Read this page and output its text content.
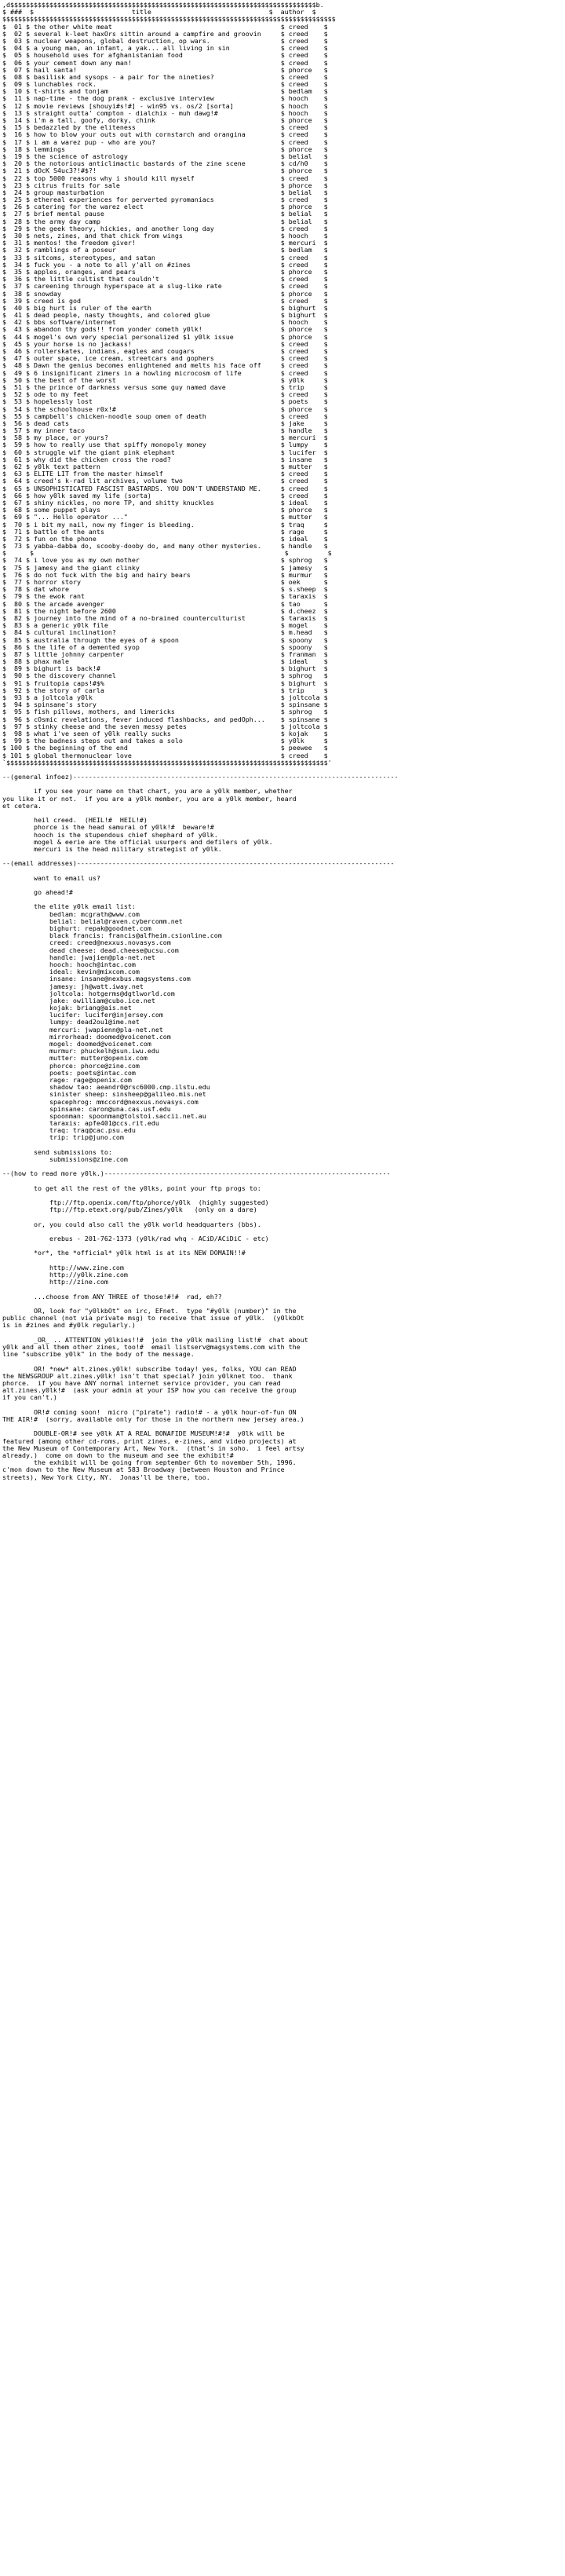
,d$$$$$$$$$$$$$$$$$$$$$$$$$$$$$$$$$$$$$$$$$$$$$$$$$$$$$$$$$$$$$$$$$$$$$$$$$$$$$$b.
$ ###  $                         title                              $  author  $
$$$$$$$$$$$$$$$$$$$$$$$$$$$$$$$$$$$$$$$$$$$$$$$$$$$$$$$$$$$$$$$$$$$$$$$$$$$$$$$$$$$$$
$  01 $ the other white meat                                           $ creed    $
$  02 $ several k-leet haxOrs sittin around a campfire and groovin     $ creed    $
$  03 $ nuclear weapons, global destruction, op wars.                  $ creed    $
$  04 $ a young man, an infant, a yak... all living in sin             $ creed    $
$  05 $ household uses for afghanistanian food                         $ creed    $
$  06 $ your cement down any man!                                      $ creed    $
$  07 $ hail santa!                                                    $ phorce   $
$  08 $ basilisk and sysops - a pair for the nineties?                 $ creed    $
$  09 $ lunchables rock.                                               $ creed    $
$  10 $ t-shirts and tonjam                                            $ bedlam   $
$  11 $ nap-time - the dog prank - exclusive interview                 $ hooch    $
$  12 $ movie reviews [shouyi#s!#] - win95 vs. os/2 [sorta]            $ hooch    $
$  13 $ straight outta' compton - dialchix - muh dawg!#                $ hooch    $
$  14 $ i'm a tall, goofy, dorky, chink                                $ phorce   $
$  15 $ bedazzled by the eliteness                                     $ creed    $
$  16 $ how to blow your outs out with cornstarch and orangina         $ creed    $
$  17 $ i am a warez pup - who are you?                                $ creed    $
$  18 $ lemmings                                                       $ phorce   $
$  19 $ the science of astrology                                       $ belial   $
$  20 $ the notorious anticlimactic bastards of the zine scene         $ cd/h0    $
$  21 $ dOcK S4uc3?!#$?!                                               $ phorce   $
$  22 $ top 5000 reasons why i should kill myself                      $ creed    $
$  23 $ citrus fruits for sale                                         $ phorce   $
$  24 $ group masturbation                                             $ belial   $
$  25 $ ethereal experiences for perverted pyromaniacs                 $ creed    $
$  26 $ catering for the warez elect                                   $ phorce   $
$  27 $ brief mental pause                                             $ belial   $
$  28 $ the army day camp                                              $ belial   $
$  29 $ the geek theory, hickies, and another long day                 $ creed    $
$  30 $ nets, zines, and that chick from wings                         $ hooch    $
$  31 $ mentos! the freedom giver!                                     $ mercuri  $
$  32 $ ramblings of a poseur                                          $ bedlam   $
$  33 $ sitcoms, stereotypes, and satan                                $ creed    $
$  34 $ fuck you - a note to all y'all on #zines                       $ creed    $
$  35 $ apples, oranges, and pears                                     $ phorce   $
$  36 $ the little cultist that couldn't                               $ creed    $
$  37 $ careening through hyperspace at a slug-like rate               $ creed    $
$  38 $ snowday                                                        $ phorce   $
$  39 $ creed is god                                                   $ creed    $
$  40 $ big hurt is ruler of the earth                                 $ bighurt  $
$  41 $ dead people, nasty thoughts, and colored glue                  $ bighurt  $
$  42 $ bbs software/internet                                          $ hooch    $
$  43 $ abandon thy gods!! from yonder cometh y0lk!                    $ phorce   $
$  44 $ mogel's own very special personalized $1 y0lk issue            $ phorce   $
$  45 $ your horse is no jackass!                                      $ creed    $
$  46 $ rollerskates, indians, eagles and cougars                      $ creed    $
$  47 $ outer space, ice cream, streetcars and gophers                 $ creed    $
$  48 $ Dawn the genius becomes enlightened and melts his face off     $ creed    $
$  49 $ 6 insignificant zimers in a howling microcosm of life          $ creed    $
$  50 $ the best of the worst                                          $ y0lk     $
$  51 $ the prince of darkness versus some guy named dave              $ trip     $
$  52 $ ode to my feet                                                 $ creed    $
$  53 $ hopelessly lost                                                $ poets    $
$  54 $ the schoolhouse r0x!#                                          $ phorce   $
$  55 $ campbell's chicken-noodle soup omen of death                   $ creed    $
$  56 $ dead cats                                                      $ jake     $
$  57 $ my inner taco                                                  $ handle   $
$  58 $ my place, or yours?                                            $ mercuri  $
$  59 $ how to really use that spiffy monopoly money                   $ lumpy    $
$  60 $ struggle wif the giant pink elephant                           $ lucifer  $
$  61 $ why did the chicken cross the road?                            $ insane   $
$  62 $ y0lk text pattern                                              $ mutter   $
$  63 $ ELITE LIT from the master himself                              $ creed    $
$  64 $ creed's k-rad lit archives, volume two                         $ creed    $
$  65 $ UNSOPHISTICATED FASCIST BASTARDS. YOU DON'T UNDERSTAND ME.     $ creed    $
$  66 $ how y0lk saved my life (sorta)                                 $ creed    $
$  67 $ shiny nickles, no more TP, and shitty knuckles                 $ ideal    $
$  68 $ some puppet plays                                              $ phorce   $
$  69 $ "... Hello operator ..."                                       $ mutter   $
$  70 $ i bit my nail, now my finger is bleeding.                      $ traq     $
$  71 $ battle of the ants                                             $ rage     $
$  72 $ fun on the phone                                               $ ideal    $
$  73 $ yabba-dabba do, scooby-dooby do, and many other mysteries.     $ handle   $
$      $                                                                $          $
$  74 $ i love you as my own mother                                    $ sphrog   $
$  75 $ jamesy and the giant clinky                                    $ jamesy   $
$  76 $ do not fuck with the big and hairy bears                       $ murmur   $
$  77 $ horror story                                                   $ oek      $
$  78 $ dat whore                                                      $ s.sheep  $
$  79 $ the ewok rant                                                  $ taraxis  $
$  80 $ the arcade avenger                                             $ tao      $
$  81 $ the night before 2600                                          $ d.cheez  $
$  82 $ journey into the mind of a no-brained counterculturist         $ taraxis  $
$  83 $ a generic y0lk file                                            $ mogel    $
$  84 $ cultural inclination?                                          $ m.head   $
$  85 $ australia through the eyes of a spoon                          $ spoony   $
$  86 $ the life of a demented syop                                    $ spoony   $
$  87 $ little johnny carpenter                                        $ franman  $
$  88 $ phax male                                                      $ ideal    $
$  89 $ bighurt is back!#                                              $ bighurt  $
$  90 $ the discovery channel                                          $ sphrog   $
$  91 $ fruitopia caps!#$%                                             $ bighurt  $
$  92 $ the story of carla                                             $ trip     $
$  93 $ a joltcola y0lk                                                $ joltcola $
$  94 $ spinsane's story                                               $ spinsane $
$  95 $ fish pillows, mothers, and limericks                           $ sphrog   $
$  96 $ cOsmic revelations, fever induced flashbacks, and pedOph...    $ spinsane $
$  97 $ stinky cheese and the seven messy petes                        $ joltcola $
$  98 $ what i've seen of y0lk really sucks                            $ kojak    $
$  99 $ the badness steps out and takes a solo                         $ y0lk     $
$ 100 $ the beginning of the end                                       $ peewee   $
$ 101 $ global thermonuclear love                                      $ creed    $
`$$$$$$$$$$$$$$$$$$$$$$$$$$$$$$$$$$$$$$$$$$$$$$$$$$$$$$$$$$$$$$$$$$$$$$$$$$$$$$$$$$'
--(general infoez)-----------------------------------------------------------------------------------
if you see your name on that chart, you are a y0lk member, whether
you like it or not.  if you are a y0lk member, you are a y0lk member, heard
et cetera.
heil creed.  (HEIL!#  HEIL!#)
phorce is the head samurai of y0lk!#  beware!#
hooch is the stupendous chief shephard of y0lk.
mogel & eerie are the official usurpers and defilers of y0lk.
mercuri is the head military strategist of y0lk.
--(email addresses)---------------------------------------------------------------------------------
want to email us?
go ahead!#
the elite y0lk email list:
bedlam: mcgrath@www.com
belial: belial@raven.cybercomm.net
bighurt: repak@goodnet.com
black francis: francis@alfheim.csionline.com
creed: creed@nexxus.novasys.com
dead cheese: dead.cheese@ucsu.com
handle: jwajien@pla-net.net
hooch: hooch@intac.com
ideal: kevin@mixcom.com
insane: insane@nexbus.magsystems.com
jamesy: jh@watt.iway.net
joltcola: hotgerms@dgtlworld.com
jake: owilliam@cubo.ice.net
kojak: briang@ais.net
lucifer: lucifer@injersey.com
lumpy: dead2ou1@ime.net
mercuri: jwapienn@pla-net.net
mirrorhead: doomed@voicenet.com
mogel: doomed@voicenet.com
murmur: phuckelh@sun.iwu.edu
mutter: mutter@openix.com
phorce: phorce@zine.com
poets: poets@intac.com
rage: rage@openix.com
shadow tao: aeandr0@rsc6000.cmp.ilstu.edu
sinister sheep: sinsheep@galileo.mis.net
spacephrog: mmccord@nexxus.novasys.com
spinsane: caron@una.cas.usf.edu
spoonman: spoonman@tolstoi.saccii.net.au
taraxis: apfe401@ccs.rit.edu
traq: traq@cac.psu.edu
trip: trip@juno.com
send submissions to:
submissions@zine.com
--(how to read more y0lk.)-------------------------------------------------------------------------
to get all the rest of the y0lks, point your ftp progs to:
ftp://ftp.openix.com/ftp/phorce/y0lk  (highly suggested)
ftp://ftp.etext.org/pub/Zines/y0lk   (only on a dare)
or, you could also call the y0lk world headquarters (bbs).
erebus - 201-762-1373 (y0lk/rad whq - ACiD/ACiDiC - etc)
*or*, the *official* y0lk html is at its NEW DOMAIN!!#
http://www.zine.com
http://y0lk.zine.com
http://zine.com
...choose from ANY THREE of those!#!#  rad, eh??
OR, look for "y0lkbOt" on irc, EFnet.  type "#y0lk (number)" in the
public channel (not via private msg) to receive that issue of y0lk.  (y0lkbOt
is in #zines and #y0lk regularly.)
_OR_ .. ATTENTION y0lkies!!#  join the y0lk mailing list!#  chat about
y0lk and all them other zines, too!#  email listserv@magsystems.com with the
line "subscribe y0lk" in the body of the message.
OR! *new* alt.zines.y0lk! subscribe today! yes, folks, YOU can READ
the NEWSGROUP alt.zines.y0lk! isn't that special? join y0lknet too.  thank
phorce.  if you have ANY normal internet service provider, you can read
alt.zines.y0lk!#  (ask your admin at your ISP how you can receive the group
if you can't.)
OR!# coming soon!  micro ("pirate") radio!# - a y0lk hour-of-fun ON
THE AIR!#  (sorry, available only for those in the northern new jersey area.)
DOUBLE-OR!# see y0lk AT A REAL BONAFIDE MUSEUM!#!#  y0lk will be
featured (among other cd-roms, print zines, e-zines, and video projects) at
the New Museum of Contemporary Art, New York.  (that's in soho.  i feel artsy
already.)  come on down to the museum and see the exhibit!#
the exhibit will be going from september 6th to november 5th, 1996.
c'mon down to the New Museum at 583 Broadway (between Houston and Prince
streets), New York City, NY.  Jonas'll be there, too.
